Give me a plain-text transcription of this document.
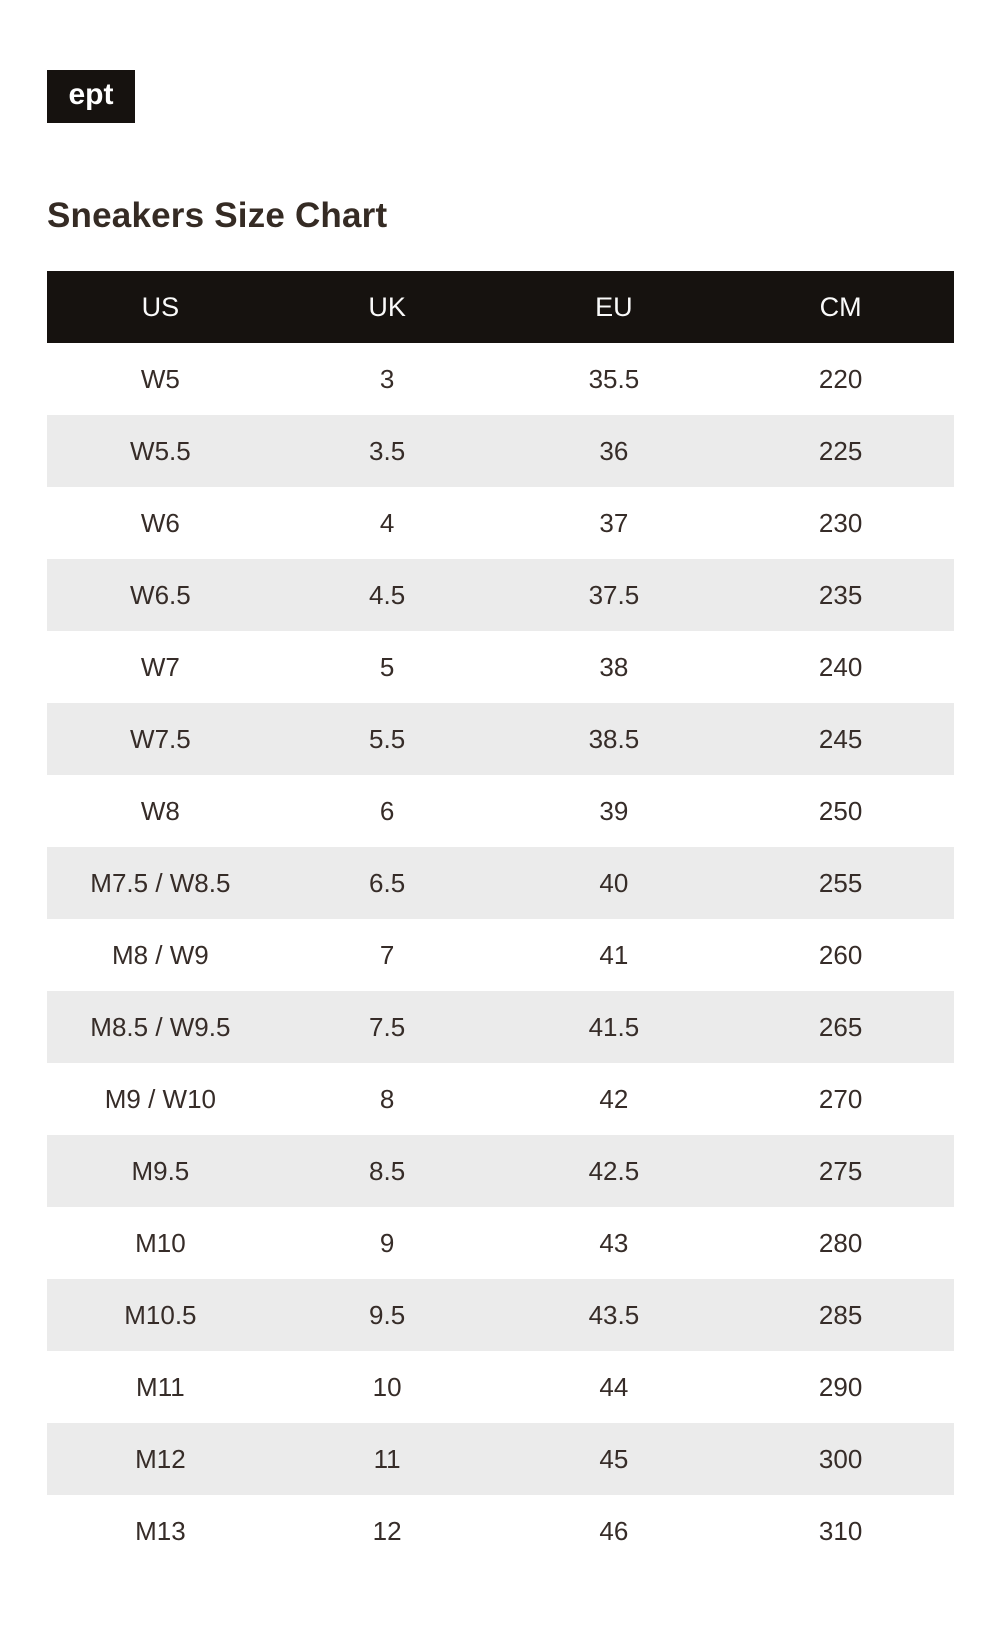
ept
Sneakers Size Chart
US	UK	EU	CM
W5	3	35.5	220
W5.5	3.5	36	225
W6	4	37	230
W6.5	4.5	37.5	235
W7	5	38	240
W7.5	5.5	38.5	245
W8	6	39	250
M7.5 / W8.5	6.5	40	255
M8 / W9	7	41	260
M8.5 / W9.5	7.5	41.5	265
M9 / W10	8	42	270
M9.5	8.5	42.5	275
M10	9	43	280
M10.5	9.5	43.5	285
M11	10	44	290
M12	11	45	300
M13	12	46	310
